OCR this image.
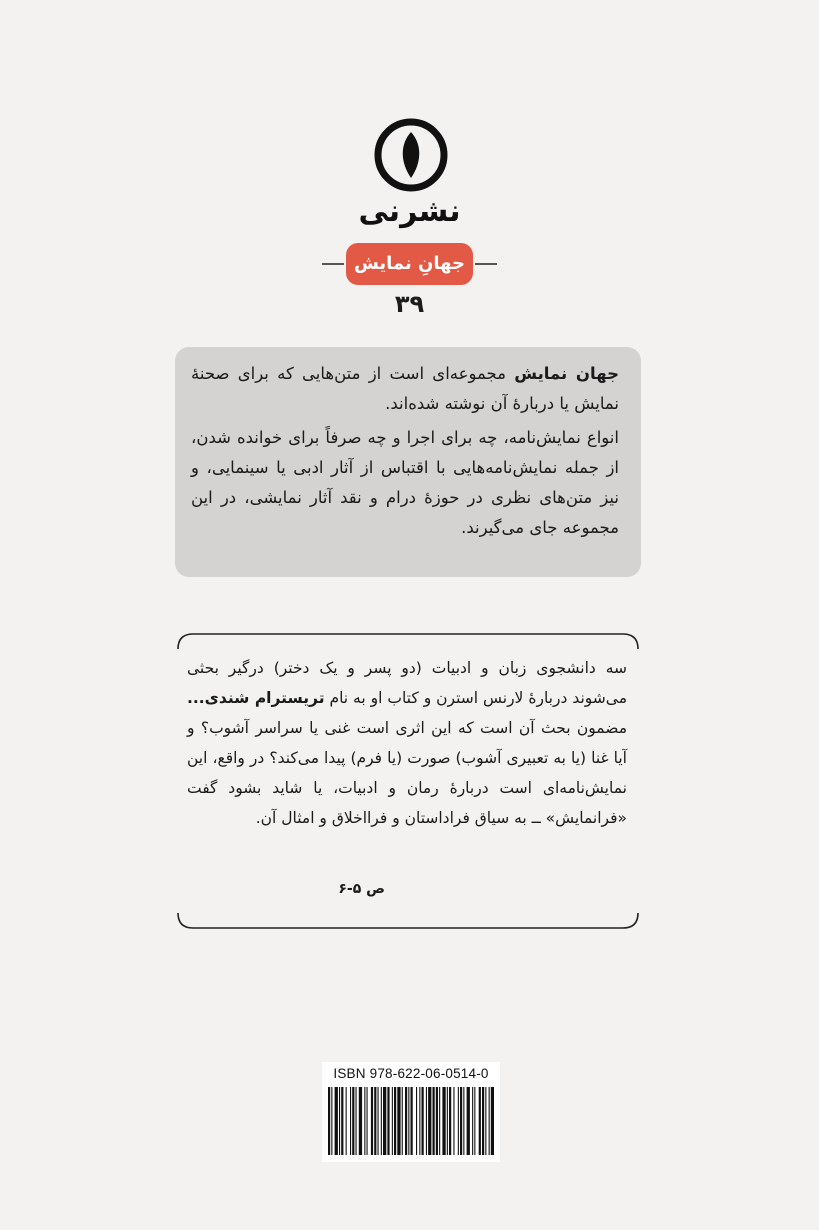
نشرنی
جهانِ نمایش
۳۹

جهان نمایش مجموعه‌ای است از متن‌هایی که برای صحنهٔ نمایش یا دربارهٔ آن نوشته شده‌اند.

انواع نمایش‌نامه، چه برای اجرا و چه صرفاً برای خوانده شدن، از جمله نمایش‌نامه‌هایی با اقتباس از آثار ادبی یا سینمایی، و نیز متن‌های نظری در حوزهٔ درام و نقد آثار نمایشی، در این مجموعه جای می‌گیرند.

سه دانشجوی زبان و ادبیات (دو پسر و یک دختر) درگیر بحثی می‌شوند دربارهٔ لارنس استرن و کتاب او به نام تریسترام شندی... مضمون بحث آن است که این اثری است غنی یا سراسر آشوب؟ و آیا غنا (یا به تعبیری آشوب) صورت (یا فرم) پیدا می‌کند؟ در واقع، این نمایش‌نامه‌ای است دربارهٔ رمان و ادبیات، یا شاید بشود گفت «فرانمایش» ــ به سیاق فراداستان و فرااخلاق و امثال آن.

ص ۵-۶
ISBN 978-622-06-0514-0
